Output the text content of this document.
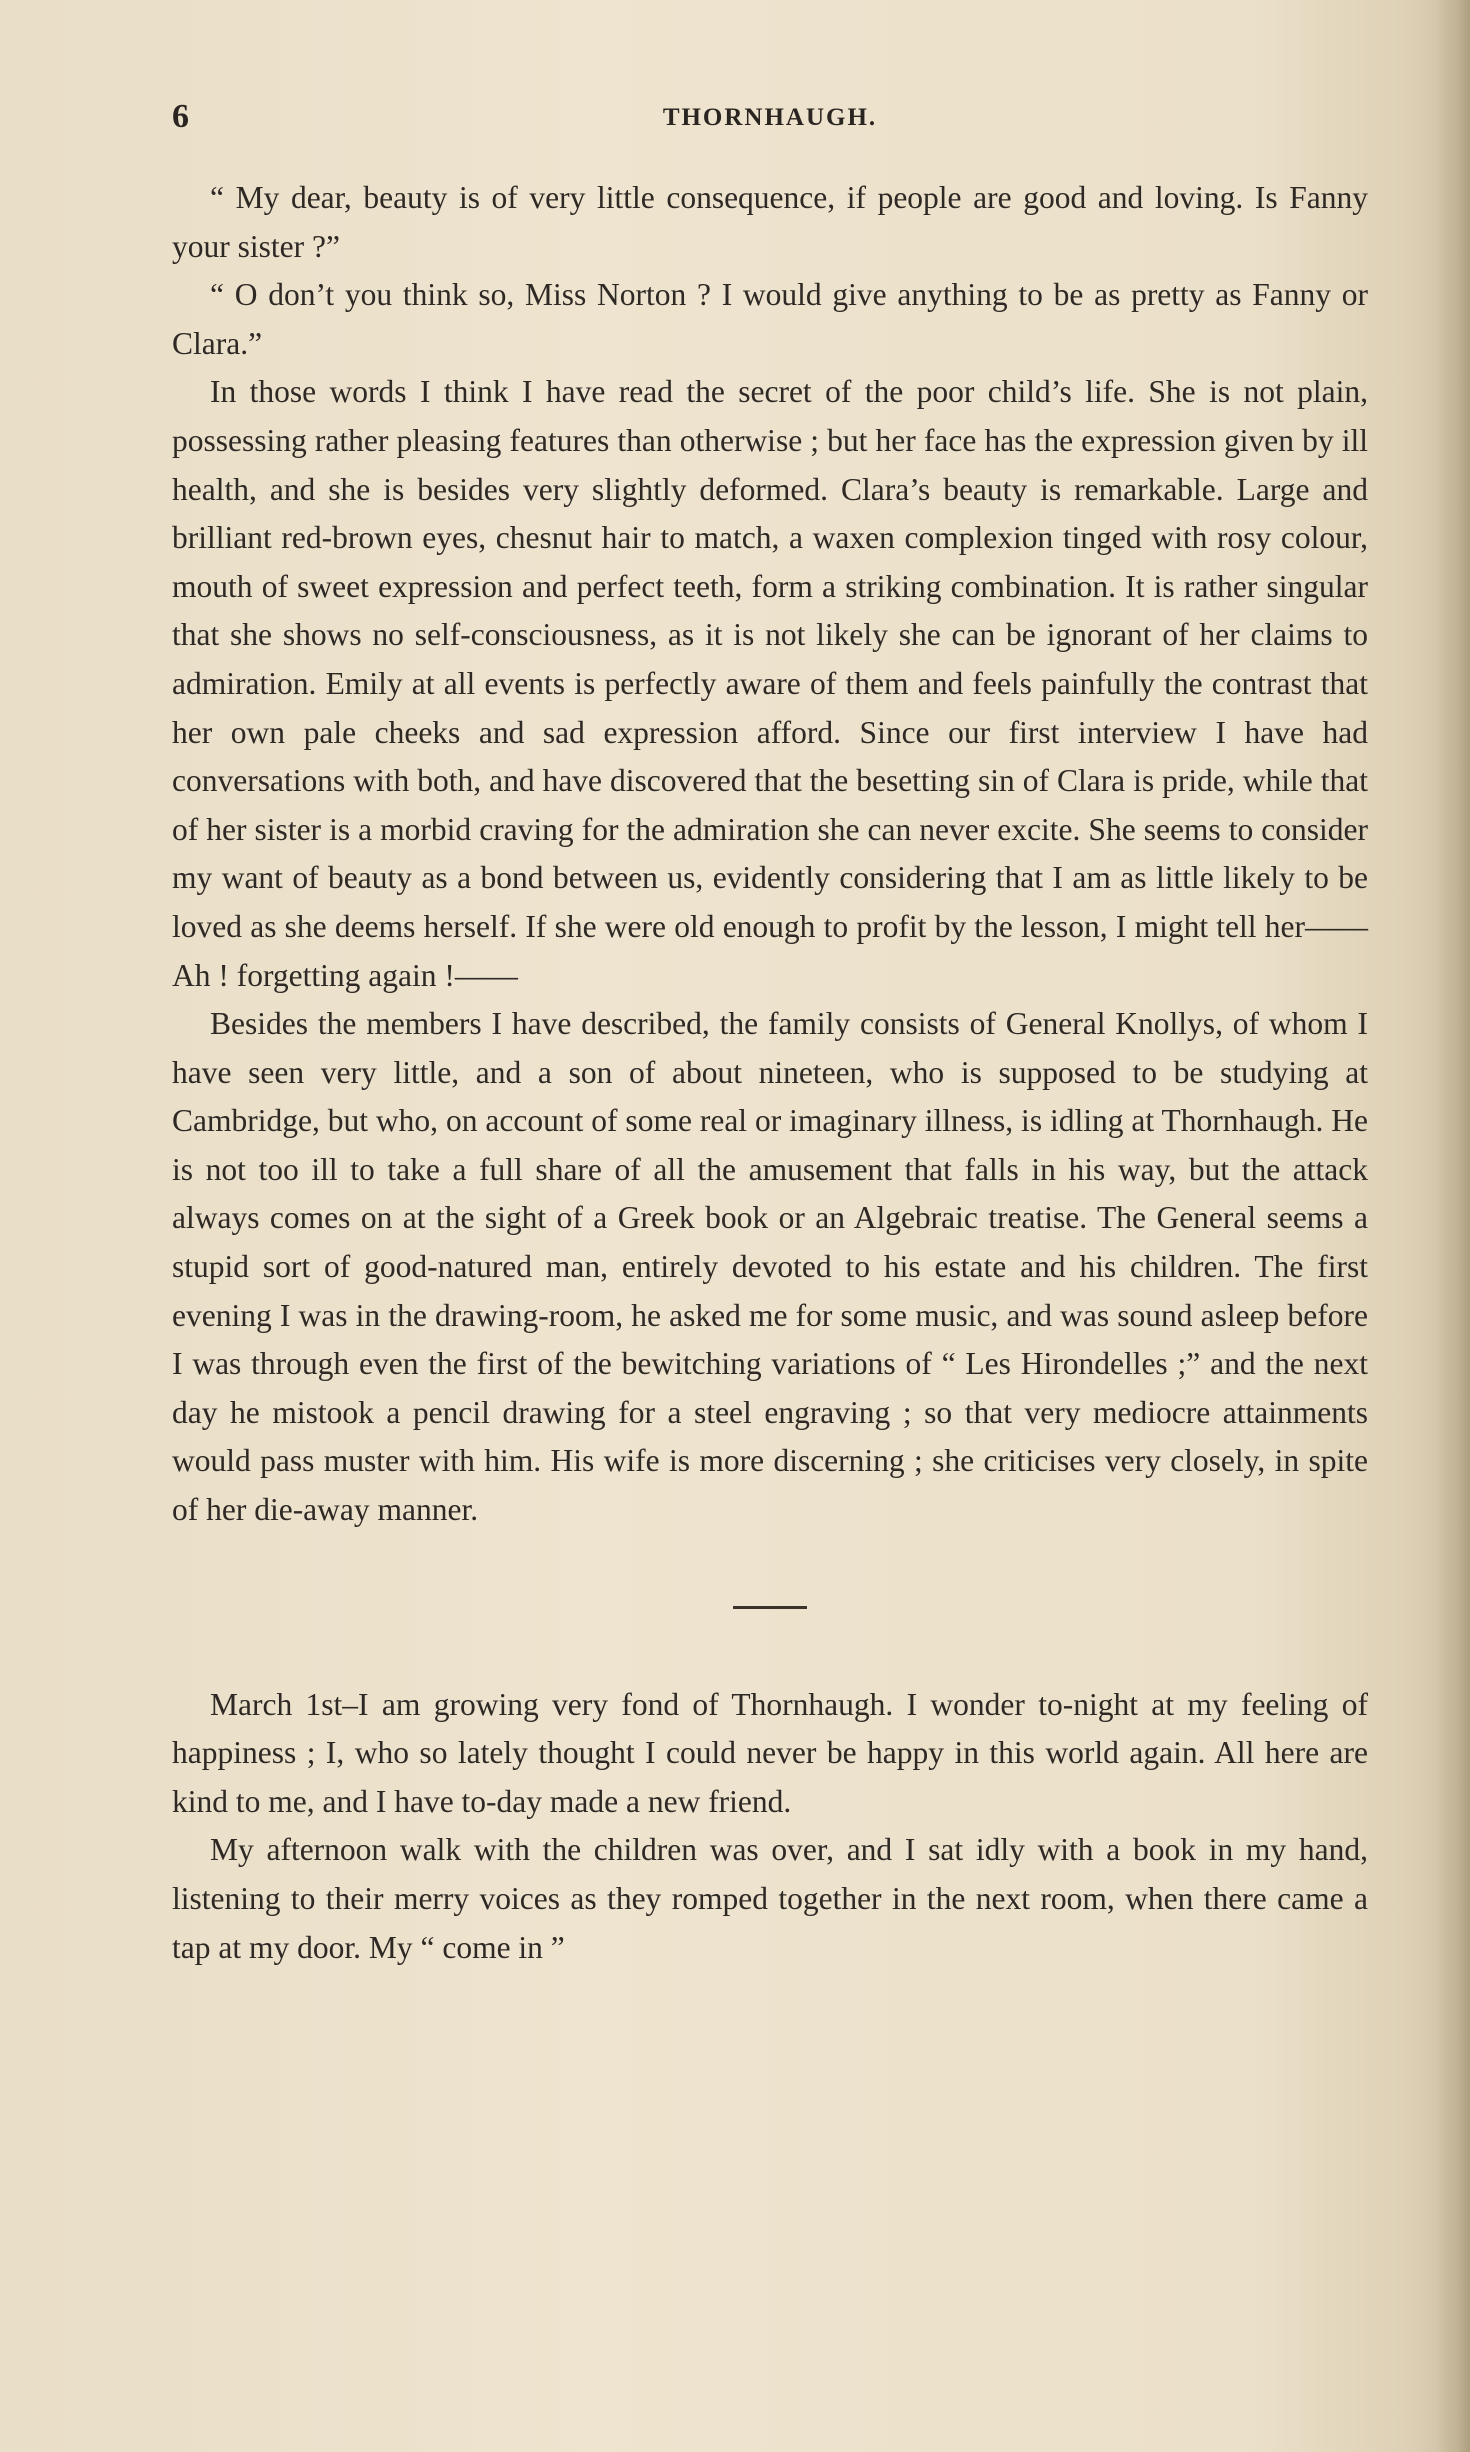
6	THORNHAUGH.

“ My dear, beauty is of very little consequence, if people are good and loving. Is Fanny your sister ?”

“ O don’t you think so, Miss Norton ? I would give anything to be as pretty as Fanny or Clara.”

In those words I think I have read the secret of the poor child’s life. She is not plain, possessing rather pleasing features than otherwise ; but her face has the expression given by ill health, and she is besides very slightly deformed. Clara’s beauty is remarkable. Large and brilliant red-brown eyes, chesnut hair to match, a waxen complexion tinged with rosy colour, mouth of sweet expression and perfect teeth, form a striking combination. It is rather singular that she shows no self-consciousness, as it is not likely she can be ignorant of her claims to admiration. Emily at all events is perfectly aware of them and feels painfully the contrast that her own pale cheeks and sad expression afford. Since our first interview I have had conversations with both, and have discovered that the besetting sin of Clara is pride, while that of her sister is a morbid craving for the admiration she can never excite. She seems to consider my want of beauty as a bond between us, evidently considering that I am as little likely to be loved as she deems herself. If she were old enough to profit by the lesson, I might tell her——Ah ! forgetting again !——

Besides the members I have described, the family consists of General Knollys, of whom I have seen very little, and a son of about nineteen, who is supposed to be studying at Cambridge, but who, on account of some real or imaginary illness, is idling at Thornhaugh. He is not too ill to take a full share of all the amusement that falls in his way, but the attack always comes on at the sight of a Greek book or an Algebraic treatise. The General seems a stupid sort of good-natured man, entirely devoted to his estate and his children. The first evening I was in the drawing-room, he asked me for some music, and was sound asleep before I was through even the first of the bewitching variations of “ Les Hirondelles ;” and the next day he mistook a pencil drawing for a steel engraving ; so that very mediocre attainments would pass muster with him. His wife is more discerning ; she criticises very closely, in spite of her die-away manner.

March 1st–I am growing very fond of Thornhaugh. I wonder to-night at my feeling of happiness ; I, who so lately thought I could never be happy in this world again. All here are kind to me, and I have to-day made a new friend.

My afternoon walk with the children was over, and I sat idly with a book in my hand, listening to their merry voices as they romped together in the next room, when there came a tap at my door. My “ come in ”
